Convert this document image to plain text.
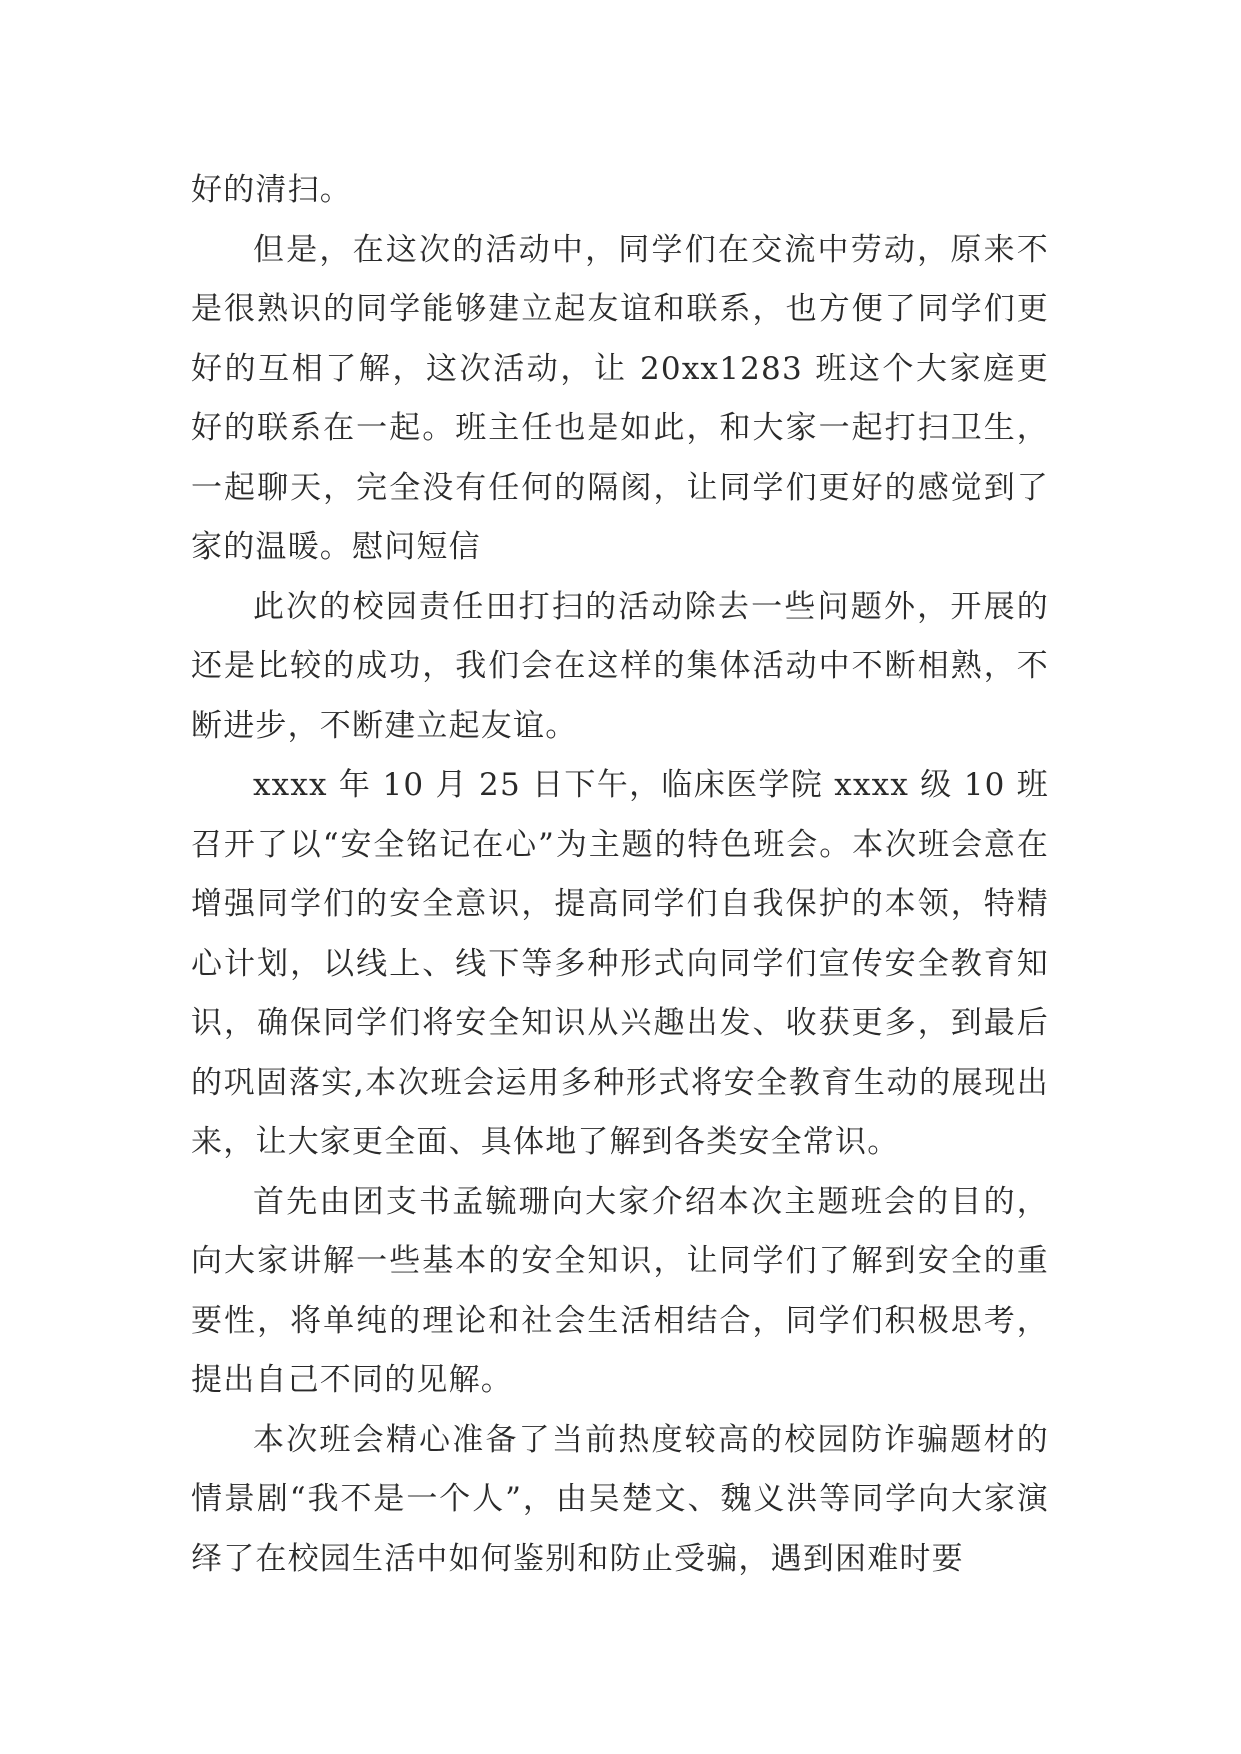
好的清扫。

但是，在这次的活动中，同学们在交流中劳动，原来不是很熟识的同学能够建立起友谊和联系，也方便了同学们更好的互相了解，这次活动，让 20xx1283 班这个大家庭更好的联系在一起。班主任也是如此，和大家一起打扫卫生，一起聊天，完全没有任何的隔阂，让同学们更好的感觉到了家的温暖。慰问短信

此次的校园责任田打扫的活动除去一些问题外，开展的还是比较的成功，我们会在这样的集体活动中不断相熟，不断进步，不断建立起友谊。

xxxx 年 10 月 25 日下午，临床医学院 xxxx 级 10 班召开了以“安全铭记在心”为主题的特色班会。本次班会意在增强同学们的安全意识，提高同学们自我保护的本领，特精心计划，以线上、线下等多种形式向同学们宣传安全教育知识，确保同学们将安全知识从兴趣出发、收获更多，到最后的巩固落实,本次班会运用多种形式将安全教育生动的展现出来，让大家更全面、具体地了解到各类安全常识。

首先由团支书孟毓珊向大家介绍本次主题班会的目的，向大家讲解一些基本的安全知识，让同学们了解到安全的重要性，将单纯的理论和社会生活相结合，同学们积极思考，提出自己不同的见解。

本次班会精心准备了当前热度较高的校园防诈骗题材的情景剧“我不是一个人”，由吴楚文、魏义洪等同学向大家演绎了在校园生活中如何鉴别和防止受骗，遇到困难时要
